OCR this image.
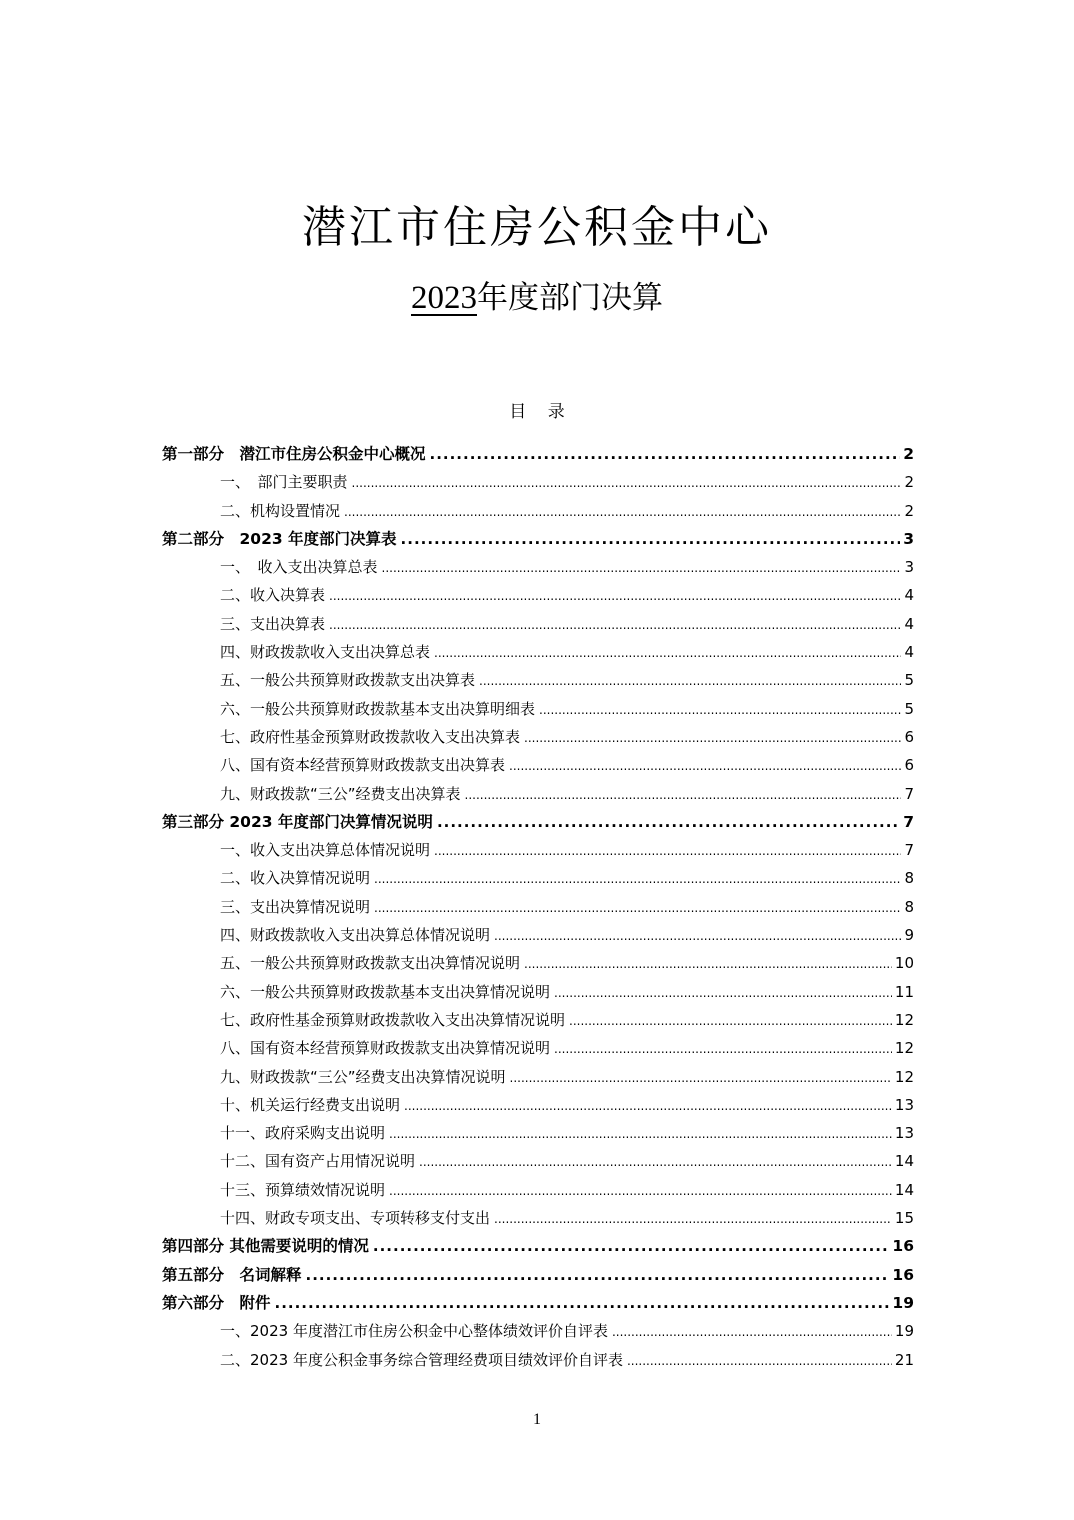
潜江市住房公积金中心
2023年度部门决算
目    录
第一部分　潜江市住房公积金中心概况 .....	2
一、　部门主要职责 .....	2
二、机构设置情况 .....	2
第二部分　2023 年度部门决算表 .....	3
一、　收入支出决算总表 .....	3
二、收入决算表 .....	4
三、支出决算表 .....	4
四、财政拨款收入支出决算总表 .....	4
五、一般公共预算财政拨款支出决算表 .....	5
六、一般公共预算财政拨款基本支出决算明细表 .....	5
七、政府性基金预算财政拨款收入支出决算表 .....	6
八、国有资本经营预算财政拨款支出决算表 .....	6
九、财政拨款“三公”经费支出决算表 .....	7
第三部分 2023 年度部门决算情况说明 .....	7
一、收入支出决算总体情况说明 .....	7
二、收入决算情况说明 .....	8
三、支出决算情况说明 .....	8
四、财政拨款收入支出决算总体情况说明 .....	9
五、一般公共预算财政拨款支出决算情况说明 .....	10
六、一般公共预算财政拨款基本支出决算情况说明 .....	11
七、政府性基金预算财政拨款收入支出决算情况说明 .....	12
八、国有资本经营预算财政拨款支出决算情况说明 .....	12
九、财政拨款“三公”经费支出决算情况说明 .....	12
十、机关运行经费支出说明 .....	13
十一、政府采购支出说明 .....	13
十二、国有资产占用情况说明 .....	14
十三、预算绩效情况说明 .....	14
十四、财政专项支出、专项转移支付支出 .....	15
第四部分 其他需要说明的情况 .....	16
第五部分　名词解释 .....	16
第六部分　附件 .....	19
一、2023 年度潜江市住房公积金中心整体绩效评价自评表 .....	19
二、2023 年度公积金事务综合管理经费项目绩效评价自评表 .....	21
1
